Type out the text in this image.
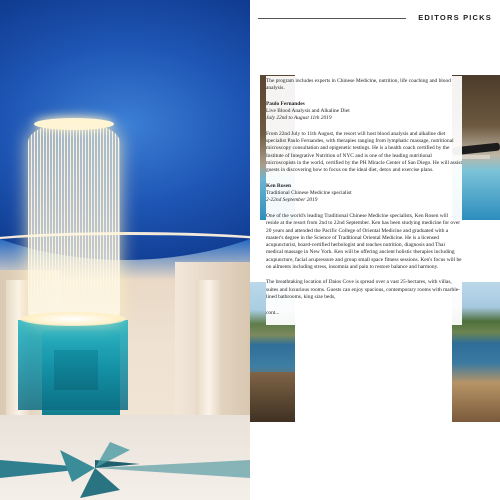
EDITORS PICKS

The program includes experts in Chinese Medicine, nutrition, life coaching and blood analysis.

Paulo Fernandes
Live Blood Analysis and Alkaline Diet
July 22nd to August 11th 2019

From 22nd July to 11th August, the resort will host blood analysis and alkaline diet specialist Paulo Fernandes, with therapies ranging from lymphatic massage, nutritional microscopy consultation and epigenetic testings. He is a health coach certified by the Institute of Integrative Nutrition of NYC and is one of the leading nutritional microscopists in the world, certified by the PH Miracle Center of San Diego. He will assist guests in discovering how to focus on the ideal diet, detox and exercise plans.

Ken Rosen
Traditional Chinese Medicine specialist
2-22nd September 2019

One of the world's leading Traditional Chinese Medicine specialists, Ken Rosen will reside at the resort from 2nd to 22nd September. Ken has been studying medicine for over 20 years and attended the Pacific College of Oriental Medicine and graduated with a master's degree in the Science of Traditional Oriental Medicine. He is a licensed acupuncturist, board-certified herbologist and teaches nutrition, diagnosis and Thai medical massage in New York. Ken will be offering ancient holistic therapies including acupuncture, facial acupressure and group small space fitness sessions. Ken's focus will be on ailments including stress, insomnia and pain to restore balance and harmony.

The breathtaking location of Daios Cove is spread over a vast 25-hectares, with villas, suites and luxurious rooms. Guests can enjoy spacious, contemporary rooms with marble-lined bathrooms, king size beds,

cont...
